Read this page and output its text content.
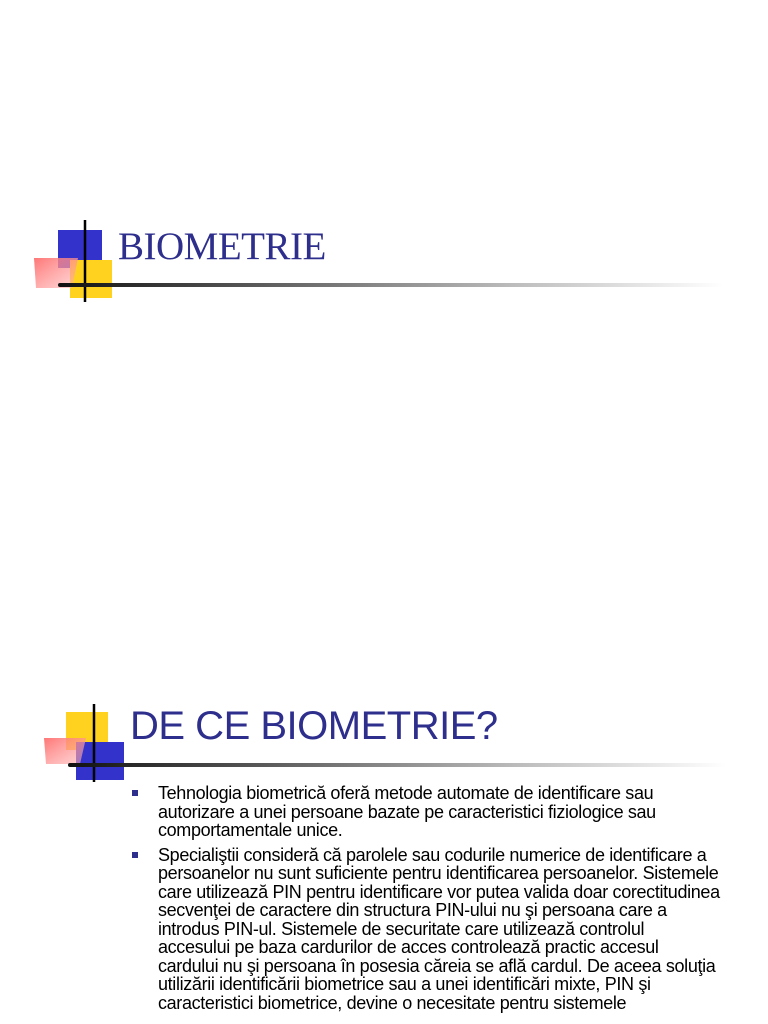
BIOMETRIE
DE CE BIOMETRIE?
Tehnologia biometrică oferă metode automate de identificare sau autorizare a unei persoane bazate pe caracteristici fiziologice sau comportamentale unice.
Specialiştii consideră că parolele sau codurile numerice de identificare a persoanelor nu sunt suficiente pentru identificarea persoanelor. Sistemele care utilizează PIN pentru identificare vor putea valida doar corectitudinea secvenţei de caractere din structura PIN-ului nu şi persoana care a introdus PIN-ul. Sistemele de securitate care utilizează controlul accesului pe baza cardurilor de acces controlează practic accesul cardului nu şi persoana în posesia căreia se află cardul. De aceea soluţia utilizării identificării biometrice sau a unei identificări mixte, PIN şi caracteristici biometrice, devine o necesitate pentru sistemele
